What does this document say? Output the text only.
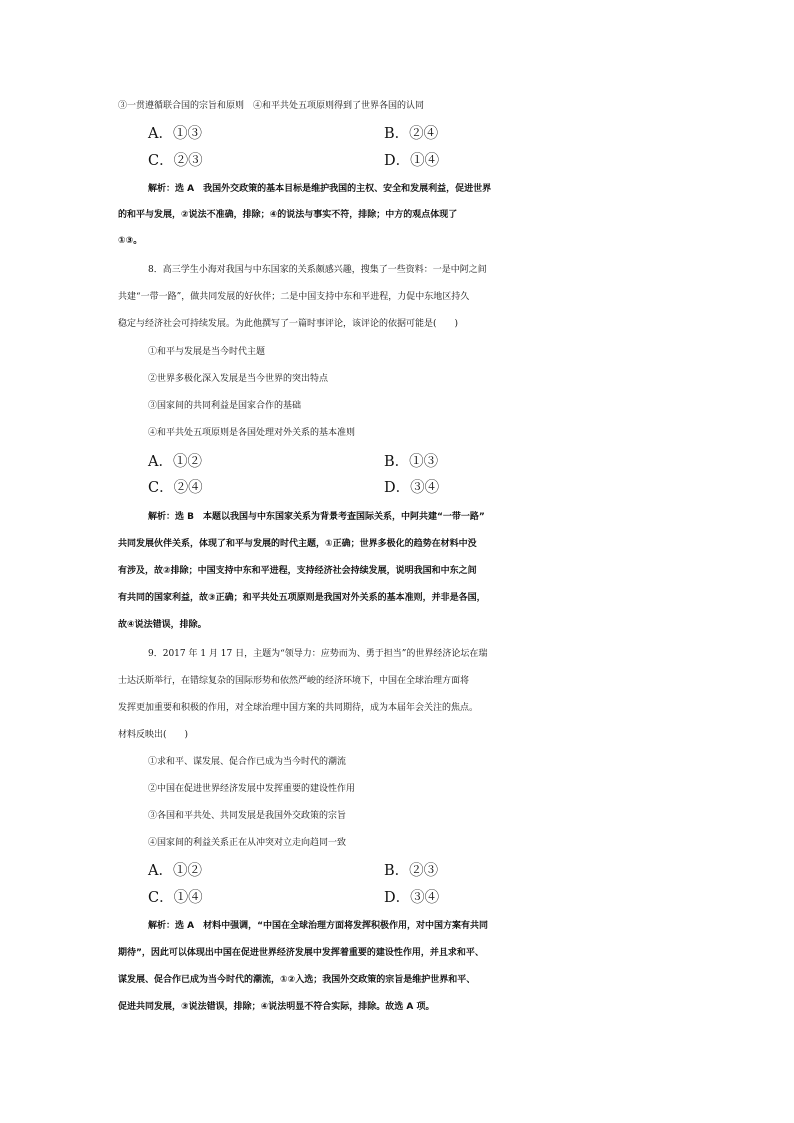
③一贯遵循联合国的宗旨和原则　④和平共处五项原则得到了世界各国的认同
A．①③	B．②④
C．②③	D．①④
解析：选 A　我国外交政策的基本目标是维护我国的主权、安全和发展利益，促进世界
的和平与发展，②说法不准确，排除；④的说法与事实不符，排除；中方的观点体现了
①③。
8．高三学生小海对我国与中东国家的关系颇感兴趣，搜集了一些资料：一是中阿之间
共建“一带一路”，做共同发展的好伙伴；二是中国支持中东和平进程，力促中东地区持久
稳定与经济社会可持续发展。为此他撰写了一篇时事评论，该评论的依据可能是(　　)
①和平与发展是当今时代主题
②世界多极化深入发展是当今世界的突出特点
③国家间的共同利益是国家合作的基础
④和平共处五项原则是各国处理对外关系的基本准则
A．①②	B．①③
C．②④	D．③④
解析：选 B　本题以我国与中东国家关系为背景考查国际关系，中阿共建“一带一路”
共同发展伙伴关系，体现了和平与发展的时代主题，①正确；世界多极化的趋势在材料中没
有涉及，故②排除；中国支持中东和平进程，支持经济社会持续发展，说明我国和中东之间
有共同的国家利益，故③正确；和平共处五项原则是我国对外关系的基本准则，并非是各国，
故④说法错误，排除。
9．2017 年 1 月 17 日，主题为“领导力：应势而为、勇于担当”的世界经济论坛在瑞
士达沃斯举行，在错综复杂的国际形势和依然严峻的经济环境下，中国在全球治理方面将
发挥更加重要和积极的作用，对全球治理中国方案的共同期待，成为本届年会关注的焦点。
材料反映出(　　)
①求和平、谋发展、促合作已成为当今时代的潮流
②中国在促进世界经济发展中发挥重要的建设性作用
③各国和平共处、共同发展是我国外交政策的宗旨
④国家间的利益关系正在从冲突对立走向趋同一致
A．①②	B．②③
C．①④	D．③④
解析：选 A　材料中强调，“中国在全球治理方面将发挥积极作用，对中国方案有共同
期待”，因此可以体现出中国在促进世界经济发展中发挥着重要的建设性作用，并且求和平、
谋发展、促合作已成为当今时代的潮流，①②入选；我国外交政策的宗旨是维护世界和平、
促进共同发展，③说法错误，排除；④说法明显不符合实际，排除。故选 A 项。
